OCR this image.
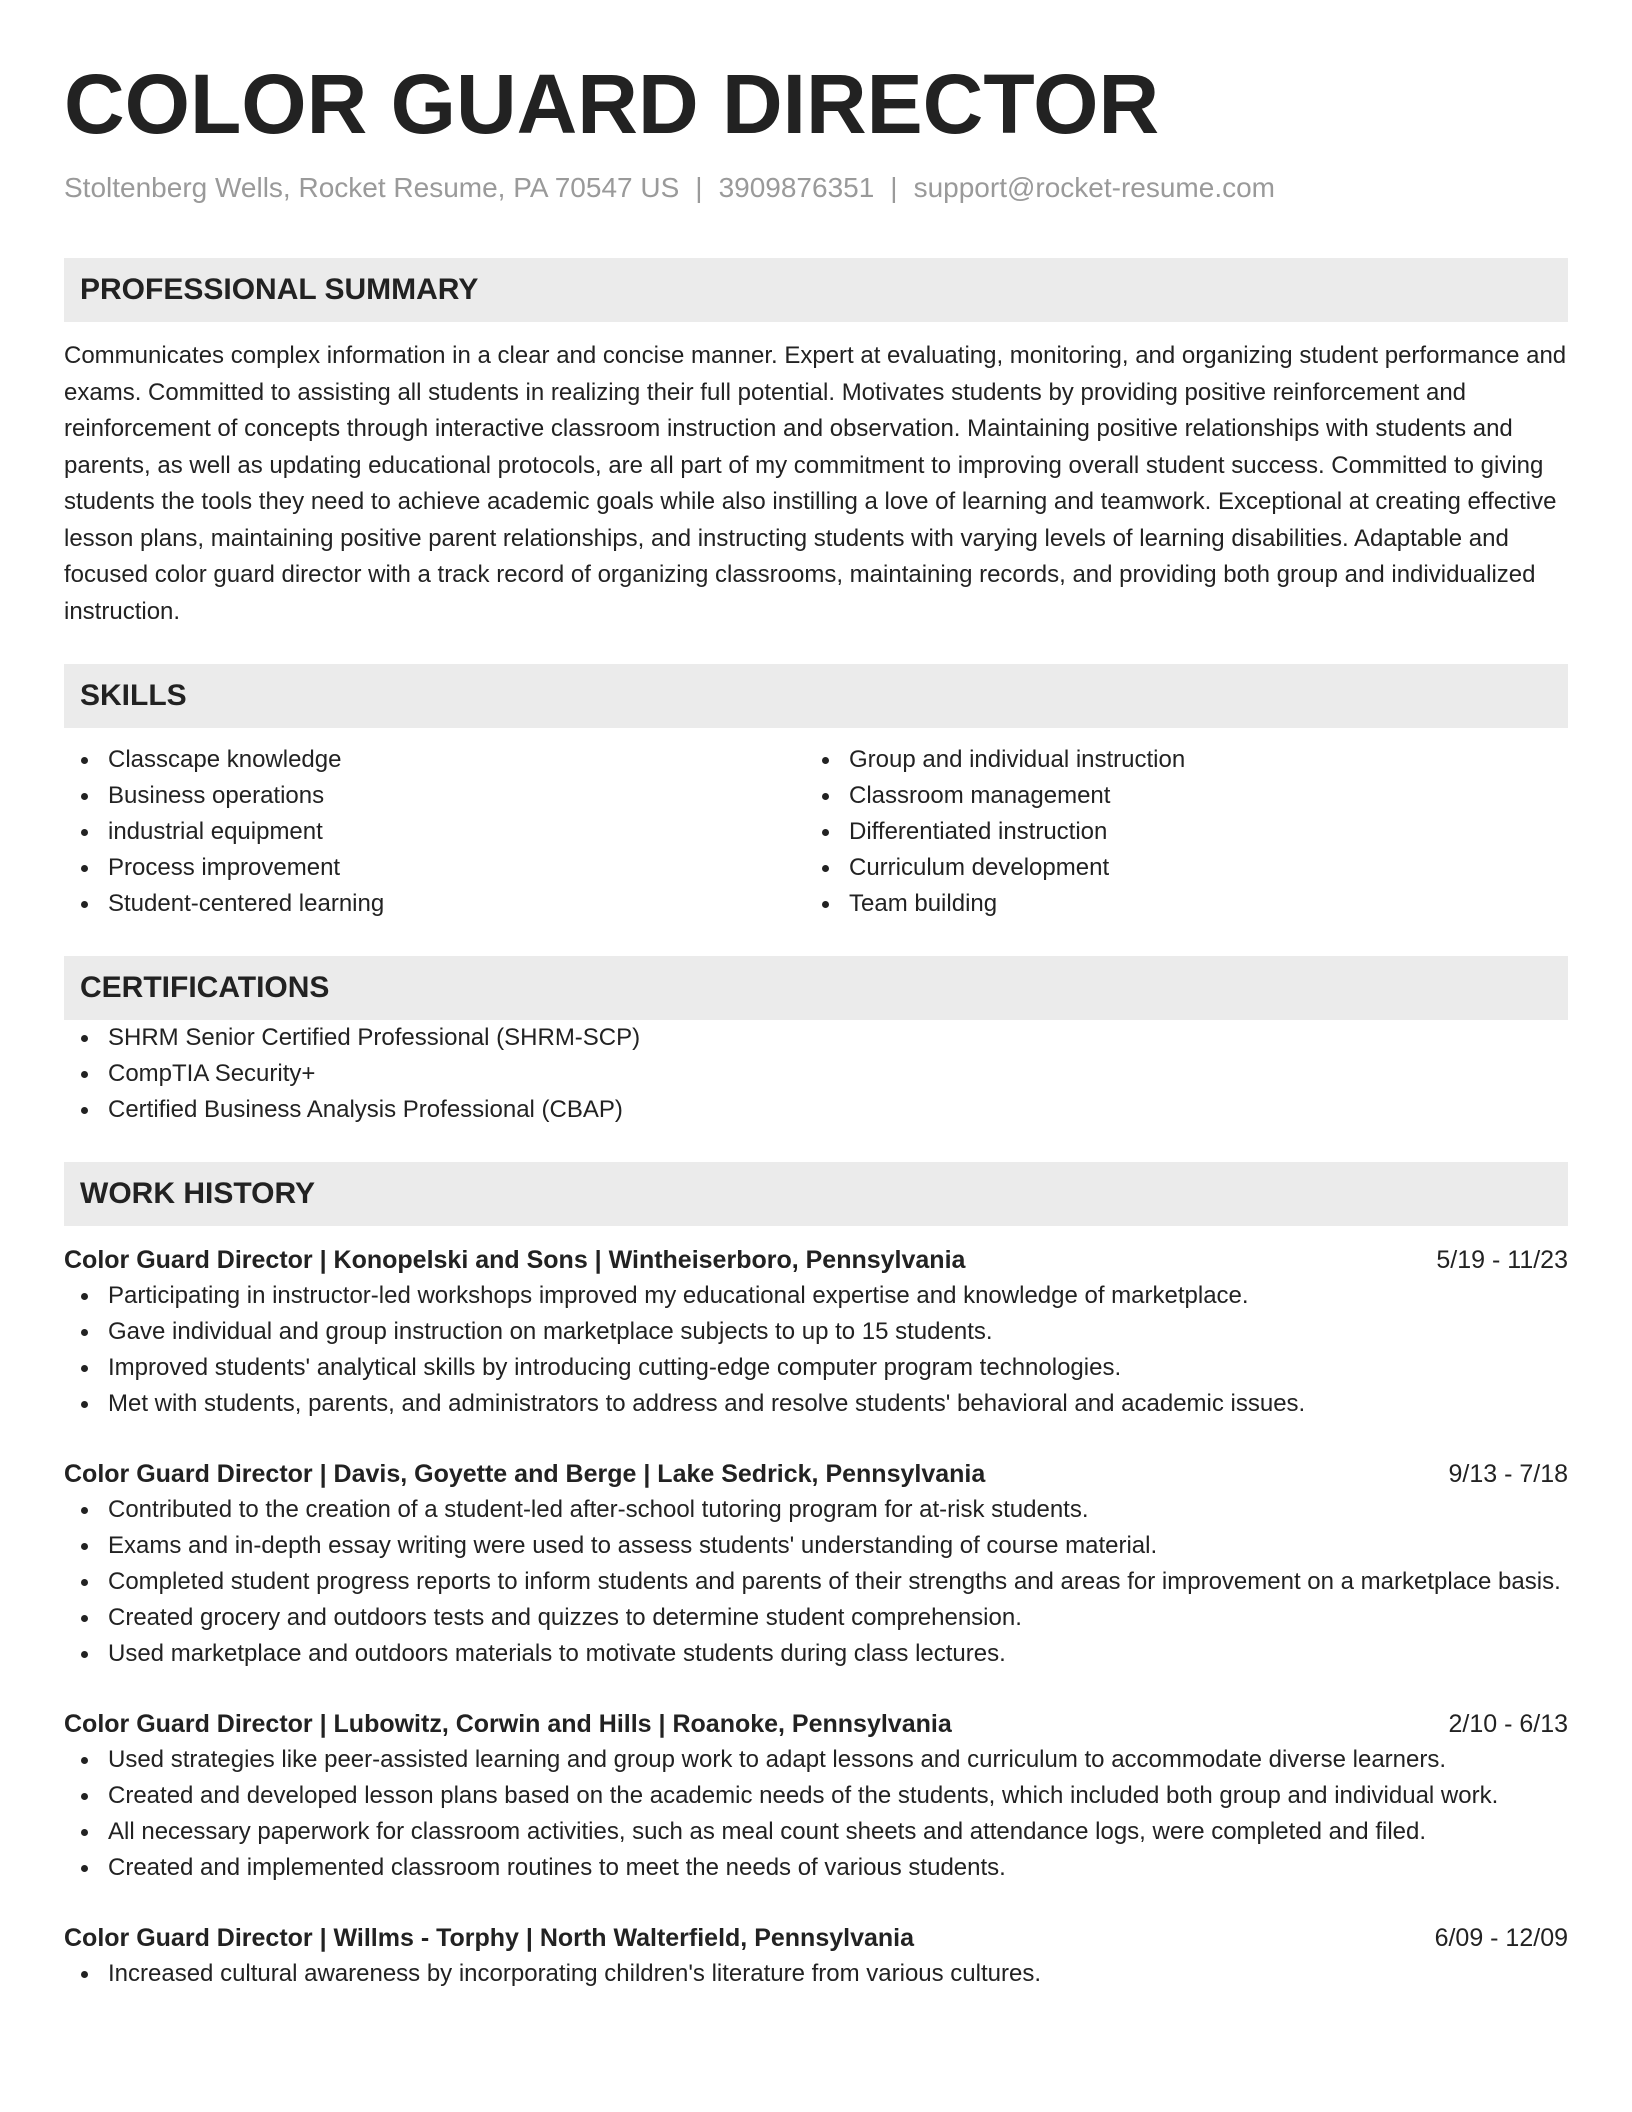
COLOR GUARD DIRECTOR
Stoltenberg Wells, Rocket Resume, PA 70547 US | 3909876351 | support@rocket-resume.com
PROFESSIONAL SUMMARY
Communicates complex information in a clear and concise manner. Expert at evaluating, monitoring, and organizing student performance and exams. Committed to assisting all students in realizing their full potential. Motivates students by providing positive reinforcement and reinforcement of concepts through interactive classroom instruction and observation. Maintaining positive relationships with students and parents, as well as updating educational protocols, are all part of my commitment to improving overall student success. Committed to giving students the tools they need to achieve academic goals while also instilling a love of learning and teamwork. Exceptional at creating effective lesson plans, maintaining positive parent relationships, and instructing students with varying levels of learning disabilities. Adaptable and focused color guard director with a track record of organizing classrooms, maintaining records, and providing both group and individualized instruction.
SKILLS
Classcape knowledge
Business operations
industrial equipment
Process improvement
Student-centered learning
Group and individual instruction
Classroom management
Differentiated instruction
Curriculum development
Team building
CERTIFICATIONS
SHRM Senior Certified Professional (SHRM-SCP)
CompTIA Security+
Certified Business Analysis Professional (CBAP)
WORK HISTORY
Color Guard Director | Konopelski and Sons | Wintheiserboro, Pennsylvania	5/19 - 11/23
Participating in instructor-led workshops improved my educational expertise and knowledge of marketplace.
Gave individual and group instruction on marketplace subjects to up to 15 students.
Improved students' analytical skills by introducing cutting-edge computer program technologies.
Met with students, parents, and administrators to address and resolve students' behavioral and academic issues.
Color Guard Director | Davis, Goyette and Berge | Lake Sedrick, Pennsylvania	9/13 - 7/18
Contributed to the creation of a student-led after-school tutoring program for at-risk students.
Exams and in-depth essay writing were used to assess students' understanding of course material.
Completed student progress reports to inform students and parents of their strengths and areas for improvement on a marketplace basis.
Created grocery and outdoors tests and quizzes to determine student comprehension.
Used marketplace and outdoors materials to motivate students during class lectures.
Color Guard Director | Lubowitz, Corwin and Hills | Roanoke, Pennsylvania	2/10 - 6/13
Used strategies like peer-assisted learning and group work to adapt lessons and curriculum to accommodate diverse learners.
Created and developed lesson plans based on the academic needs of the students, which included both group and individual work.
All necessary paperwork for classroom activities, such as meal count sheets and attendance logs, were completed and filed.
Created and implemented classroom routines to meet the needs of various students.
Color Guard Director | Willms - Torphy | North Walterfield, Pennsylvania	6/09 - 12/09
Increased cultural awareness by incorporating children's literature from various cultures.
